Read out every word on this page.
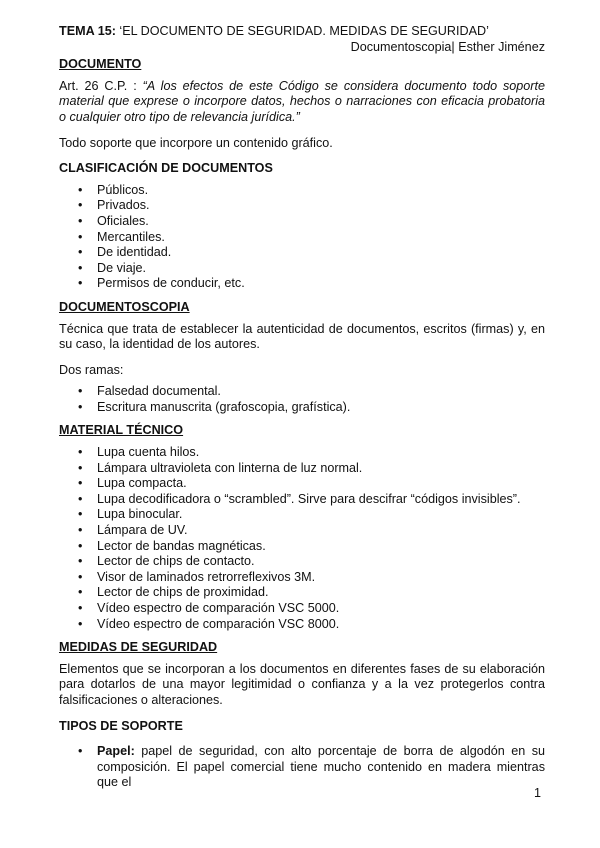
TEMA 15: ‘EL DOCUMENTO DE SEGURIDAD. MEDIDAS DE SEGURIDAD’
Documentoscopia| Esther Jiménez
DOCUMENTO

Art. 26 C.P. : “A los efectos de este Código se considera documento todo soporte material que exprese o incorpore datos, hechos o narraciones con eficacia probatoria o cualquier otro tipo de relevancia jurídica.”

Todo soporte que incorpore un contenido gráfico.

CLASIFICACIÓN DE DOCUMENTOS
• Públicos.
• Privados.
• Oficiales.
• Mercantiles.
• De identidad.
• De viaje.
• Permisos de conducir, etc.
DOCUMENTOSCOPIA

Técnica que trata de establecer la autenticidad de documentos, escritos (firmas) y, en su caso, la identidad de los autores.

Dos ramas:

• Falsedad documental.
• Escritura manuscrita (grafoscopia, grafística).
MATERIAL TÉCNICO
• Lupa cuenta hilos.
• Lámpara ultravioleta con linterna de luz normal.
• Lupa compacta.
• Lupa decodificadora o “scrambled”. Sirve para descifrar “códigos invisibles”.
• Lupa binocular.
• Lámpara de UV.
• Lector de bandas magnéticas.
• Lector de chips de contacto.
• Visor de laminados retrorreflexivos 3M.
• Lector de chips de proximidad.
• Vídeo espectro de comparación VSC 5000.
• Vídeo espectro de comparación VSC 8000.
MEDIDAS DE SEGURIDAD

Elementos que se incorporan a los documentos en diferentes fases de su elaboración para dotarlos de una mayor legitimidad o confianza y a la vez protegerlos contra falsificaciones o alteraciones.

TIPOS DE SOPORTE
• Papel: papel de seguridad, con alto porcentaje de borra de algodón en su composición. El papel comercial tiene mucho contenido en madera mientras que el
1
